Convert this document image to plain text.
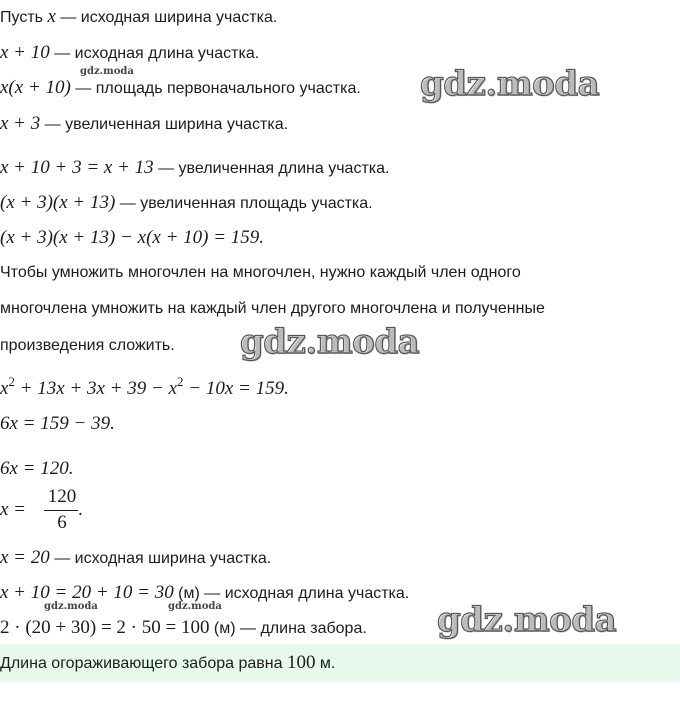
Пусть x — исходная ширина участка.
x + 10 — исходная длина участка.
x(x + 10) — площадь первоначального участка.
x + 3 — увеличенная ширина участка.
x + 10 + 3 = x + 13 — увеличенная длина участка.
(x + 3)(x + 13) — увеличенная площадь участка.
(x + 3)(x + 13) − x(x + 10) = 159.
Чтобы умножить многочлен на многочлен, нужно каждый член одного
многочлена умножить на каждый член другого многочлена и полученные
произведения сложить.
$x^2 + 13x + 3x + 39 - x^2 - 10x = 159$.
6x = 159 − 39.
6x = 120.
x =
120
6
.
x = 20 — исходная ширина участка.
x + 10 = 20 + 10 = 30 (м) — исходная длина участка.
2 · (20 + 30) = 2 · 50 = 100 (м) — длина забора.
Длина огораживающего забора равна 100 м.
gdz.moda
gdz.moda
gdz.moda
gdz.moda
gdz.moda	gdz.moda
